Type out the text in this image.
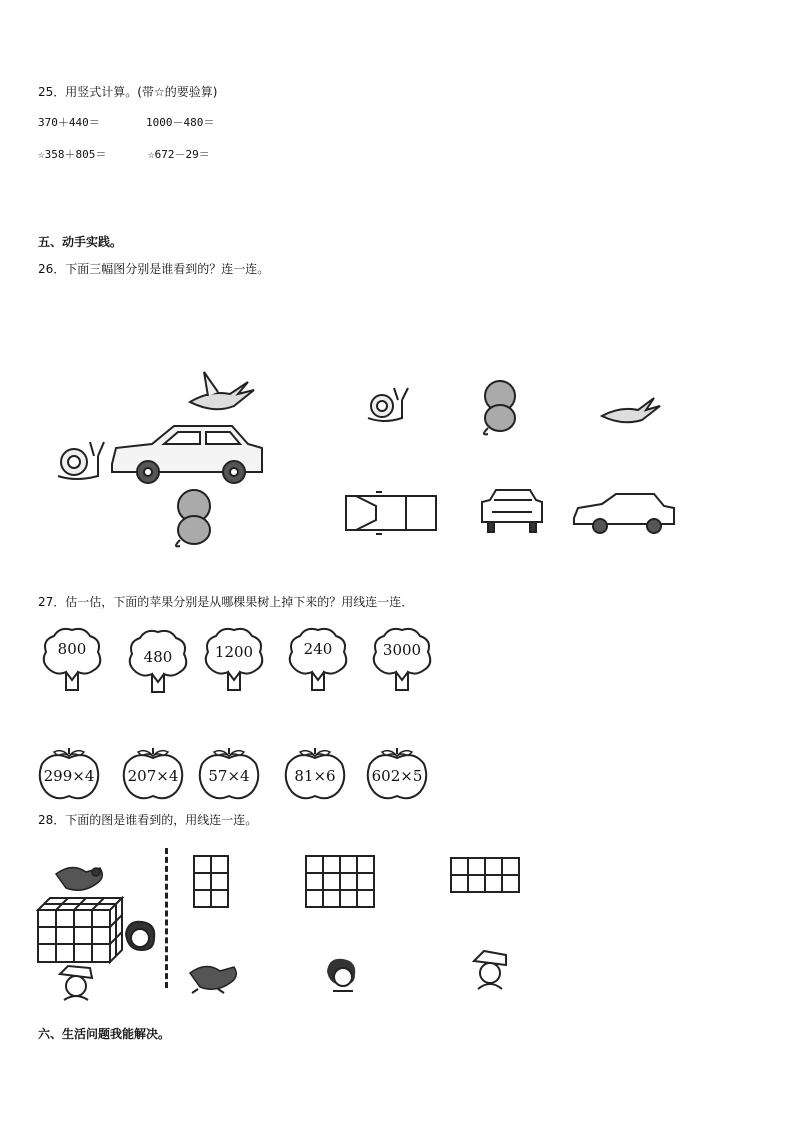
25．用竖式计算。(带☆的要验算)
370＋440＝	1000－480＝
☆358＋805＝	☆672－29＝
五、动手实践。
26．下面三幅图分别是谁看到的？连一连。
27．估一估，下面的苹果分别是从哪棵果树上掉下来的？用线连一连．
800	480	1200	240	3000
299×4	207×4	57×4	81×6	602×5
28．下面的图是谁看到的，用线连一连。

六、生活问题我能解决。
